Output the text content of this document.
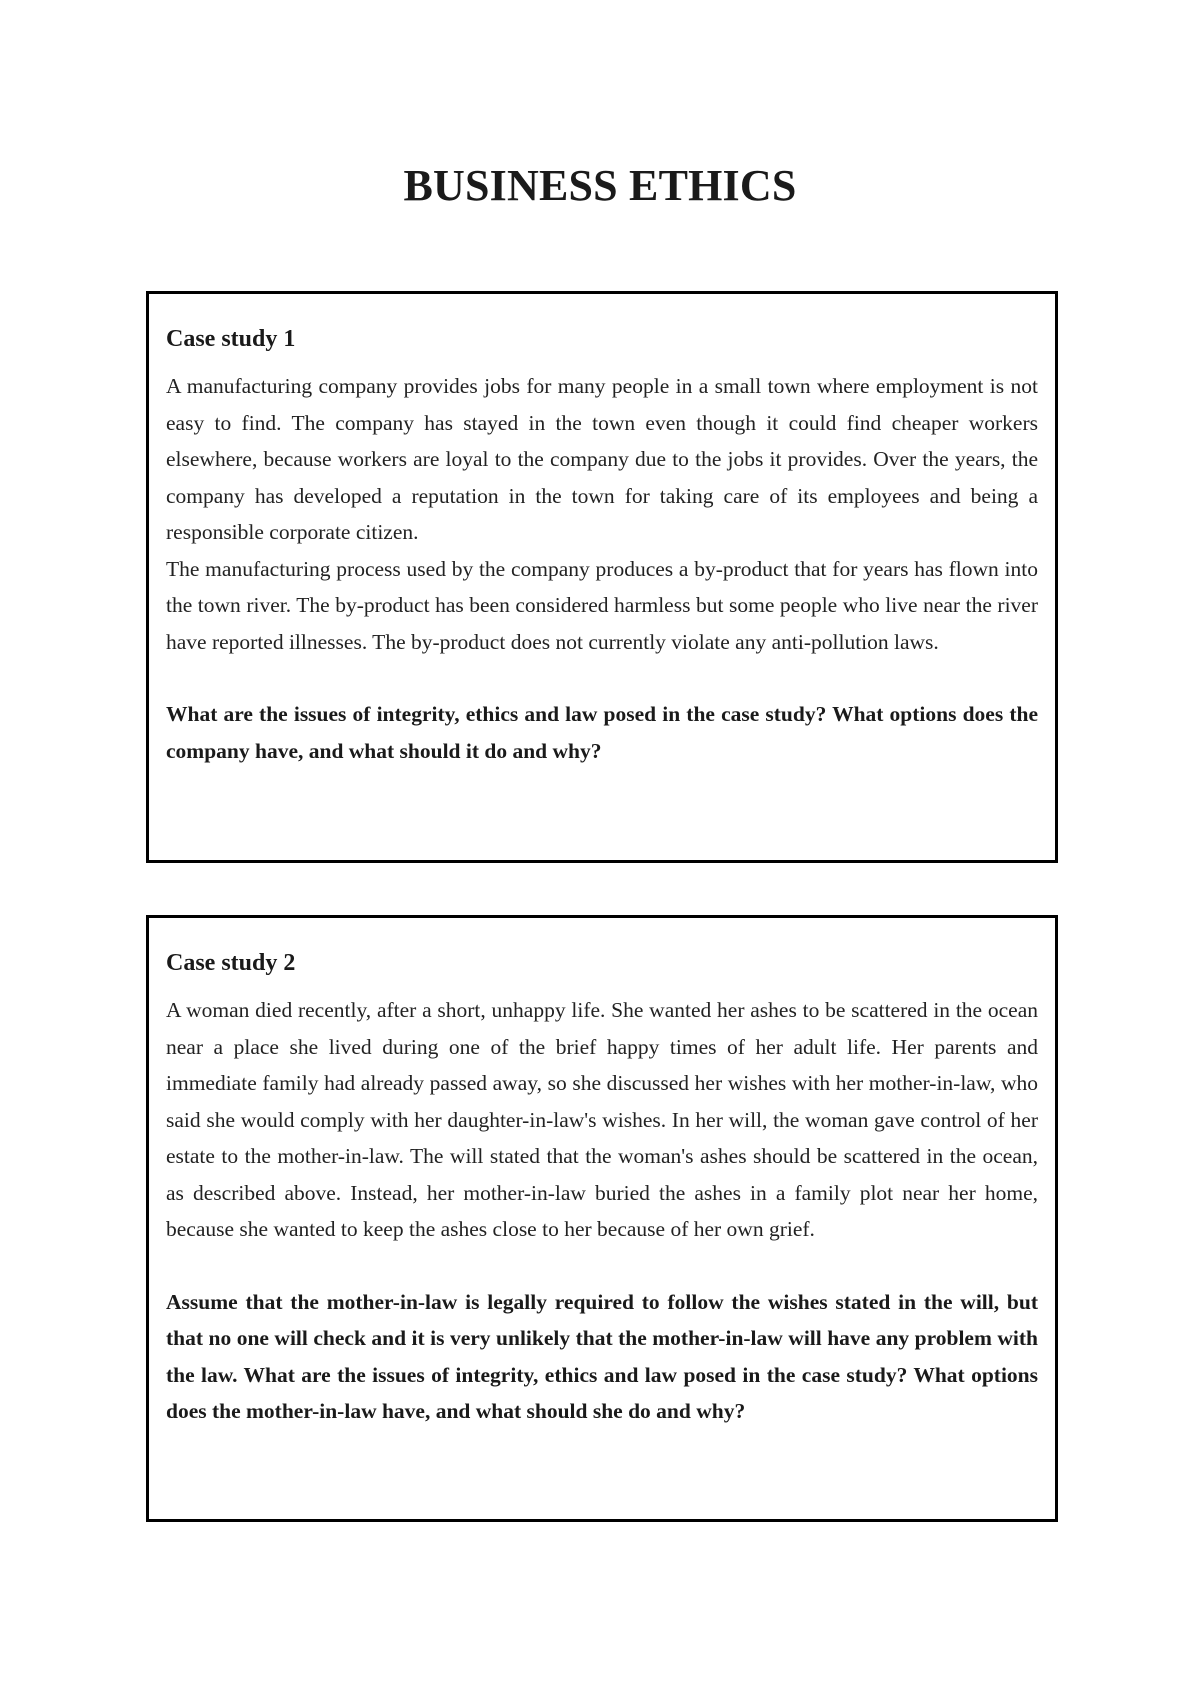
BUSINESS ETHICS
Case study 1

A manufacturing company provides jobs for many people in a small town where employment is not easy to find. The company has stayed in the town even though it could find cheaper workers elsewhere, because workers are loyal to the company due to the jobs it provides. Over the years, the company has developed a reputation in the town for taking care of its employees and being a responsible corporate citizen.

The manufacturing process used by the company produces a by-product that for years has flown into the town river. The by-product has been considered harmless but some people who live near the river have reported illnesses. The by-product does not currently violate any anti-pollution laws.

What are the issues of integrity, ethics and law posed in the case study? What options does the company have, and what should it do and why?

Case study 2

A woman died recently, after a short, unhappy life. She wanted her ashes to be scattered in the ocean near a place she lived during one of the brief happy times of her adult life. Her parents and immediate family had already passed away, so she discussed her wishes with her mother-in-law, who said she would comply with her daughter-in-law's wishes. In her will, the woman gave control of her estate to the mother-in-law. The will stated that the woman's ashes should be scattered in the ocean, as described above. Instead, her mother-in-law buried the ashes in a family plot near her home, because she wanted to keep the ashes close to her because of her own grief.

Assume that the mother-in-law is legally required to follow the wishes stated in the will, but that no one will check and it is very unlikely that the mother-in-law will have any problem with the law. What are the issues of integrity, ethics and law posed in the case study? What options does the mother-in-law have, and what should she do and why?
